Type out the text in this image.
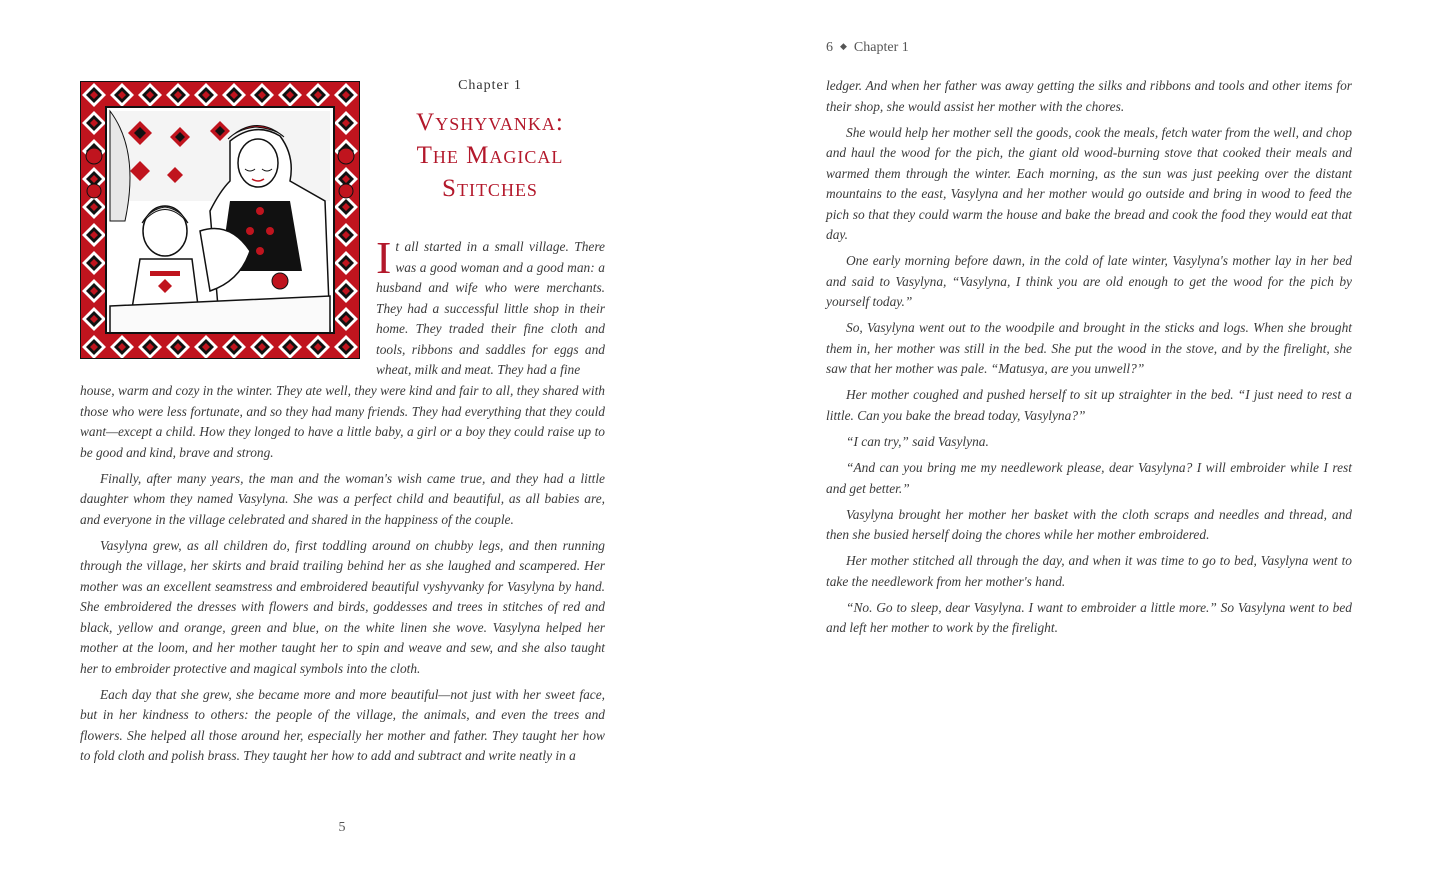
Chapter 1
Vyshyvanka:
The Magical
Stitches
It all started in a small village. There was a good woman and a good man: a husband and wife who were merchants. They had a successful little shop in their home. They traded their fine cloth and tools, ribbons and saddles for eggs and wheat, milk and meat. They had a fine

house, warm and cozy in the winter. They ate well, they were kind and fair to all, they shared with those who were less fortunate, and so they had many friends. They had everything that they could want—except a child. How they longed to have a little baby, a girl or a boy they could raise up to be good and kind, brave and strong.

Finally, after many years, the man and the woman's wish came true, and they had a little daughter whom they named Vasylyna. She was a perfect child and beautiful, as all babies are, and everyone in the village celebrated and shared in the happiness of the couple.

Vasylyna grew, as all children do, first toddling around on chubby legs, and then running through the village, her skirts and braid trailing behind her as she laughed and scampered. Her mother was an excellent seamstress and embroidered beautiful vyshyvanky for Vasylyna by hand. She embroidered the dresses with flowers and birds, goddesses and trees in stitches of red and black, yellow and orange, green and blue, on the white linen she wove. Vasylyna helped her mother at the loom, and her mother taught her to spin and weave and sew, and she also taught her to embroider protective and magical symbols into the cloth.

Each day that she grew, she became more and more beautiful—not just with her sweet face, but in her kindness to others: the people of the village, the animals, and even the trees and flowers. She helped all those around her, especially her mother and father. They taught her how to fold cloth and polish brass. They taught her how to add and subtract and write neatly in a

5
6 ◆ Chapter 1

ledger. And when her father was away getting the silks and ribbons and tools and other items for their shop, she would assist her mother with the chores.

She would help her mother sell the goods, cook the meals, fetch water from the well, and chop and haul the wood for the pich, the giant old wood-burning stove that cooked their meals and warmed them through the winter. Each morning, as the sun was just peeking over the distant mountains to the east, Vasylyna and her mother would go outside and bring in wood to feed the pich so that they could warm the house and bake the bread and cook the food they would eat that day.

One early morning before dawn, in the cold of late winter, Vasylyna's mother lay in her bed and said to Vasylyna, “Vasylyna, I think you are old enough to get the wood for the pich by yourself today.”

So, Vasylyna went out to the woodpile and brought in the sticks and logs. When she brought them in, her mother was still in the bed. She put the wood in the stove, and by the firelight, she saw that her mother was pale. “Matusya, are you unwell?”

Her mother coughed and pushed herself to sit up straighter in the bed. “I just need to rest a little. Can you bake the bread today, Vasylyna?”

“I can try,” said Vasylyna.

“And can you bring me my needlework please, dear Vasylyna? I will embroider while I rest and get better.”

Vasylyna brought her mother her basket with the cloth scraps and needles and thread, and then she busied herself doing the chores while her mother embroidered.

Her mother stitched all through the day, and when it was time to go to bed, Vasylyna went to take the needlework from her mother's hand.

“No. Go to sleep, dear Vasylyna. I want to embroider a little more.” So Vasylyna went to bed and left her mother to work by the firelight.
